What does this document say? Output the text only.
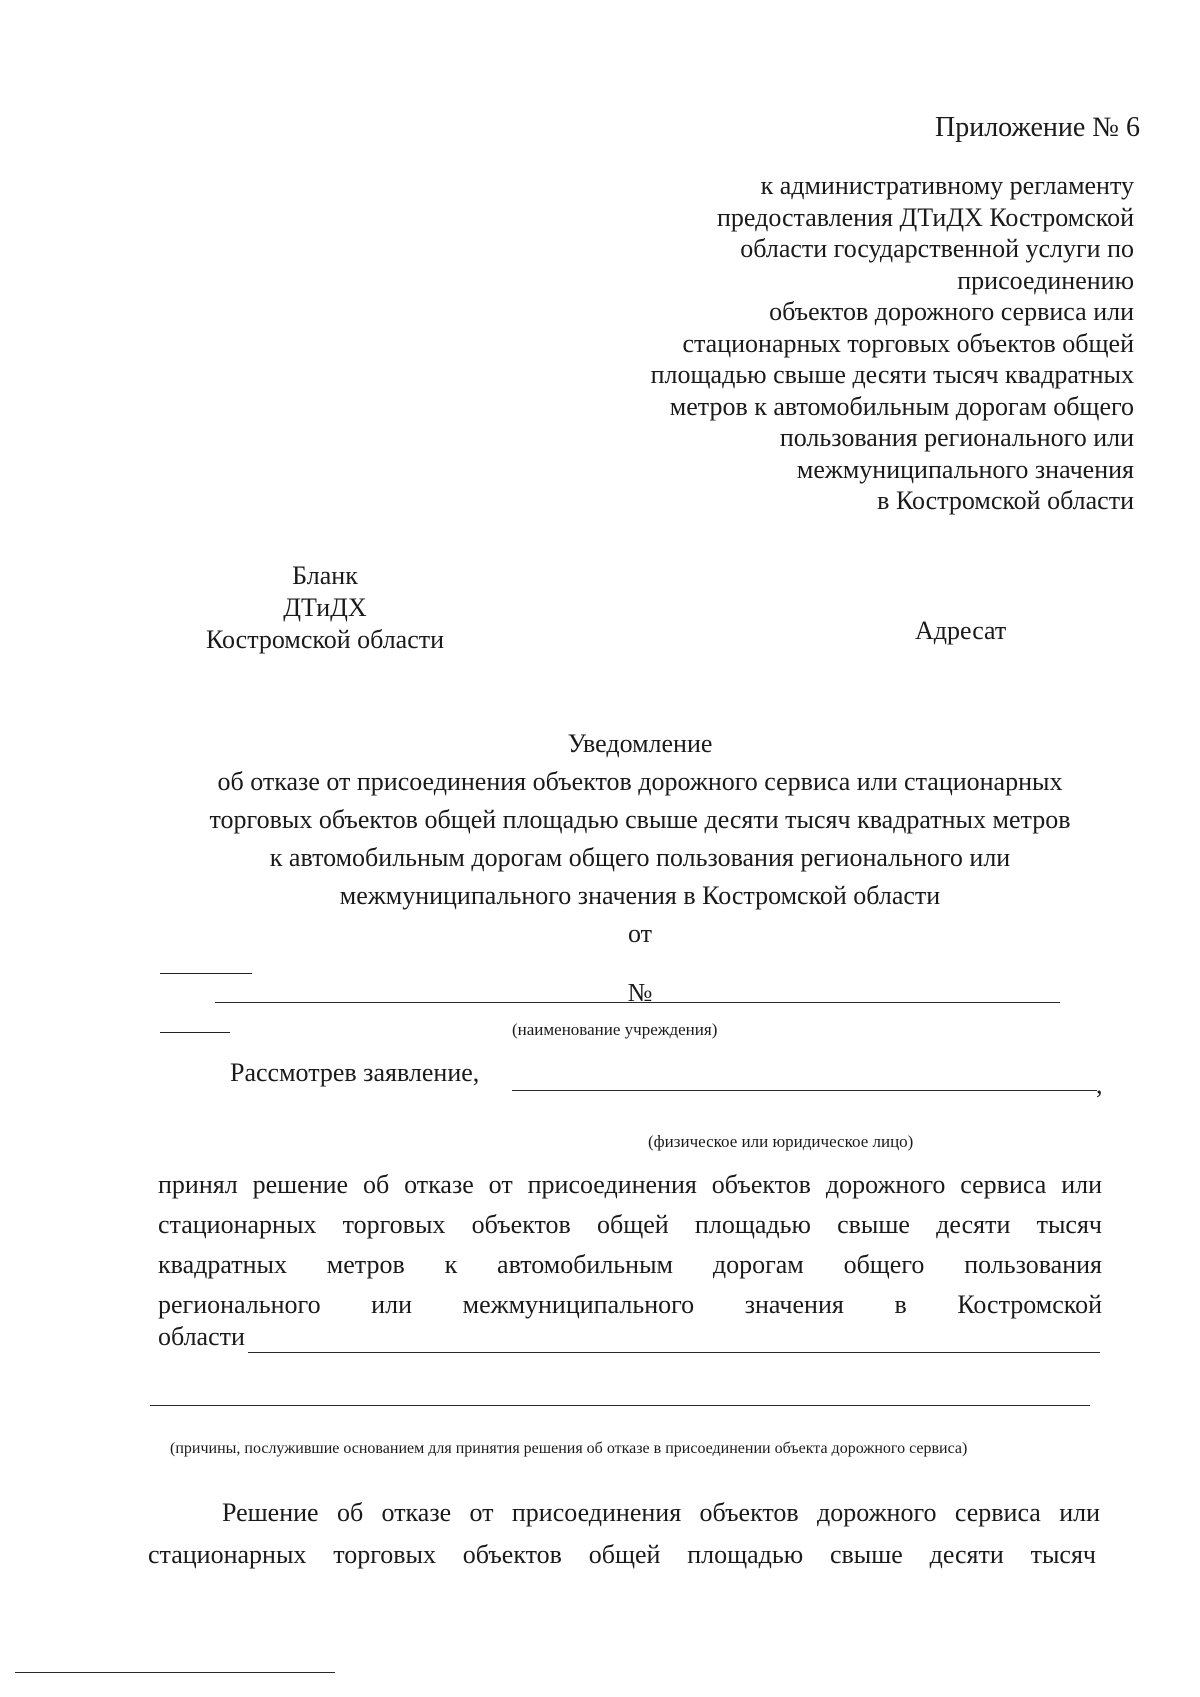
Приложение № 6
к административному регламенту
предоставления ДТиДХ Костромской
области государственной услуги по
присоединению
объектов дорожного сервиса или
стационарных торговых объектов общей
площадью свыше десяти тысяч квадратных
метров к автомобильным дорогам общего
пользования регионального или
межмуниципального значения
в Костромской области
Бланк
ДТиДХ
Костромской области	Адресат
Уведомление
об отказе от присоединения объектов дорожного сервиса или стационарных
торговых объектов общей площадью свыше десяти тысяч квадратных метров
к автомобильным дорогам общего пользования регионального или
межмуниципального значения в Костромской области
от
№
(наименование учреждения)
Рассмотрев заявление,	,
(физическое или юридическое лицо)
принял решение об отказе от присоединения объектов дорожного сервиса или
стационарных торговых объектов общей площадью свыше десяти тысяч
квадратных метров к автомобильным дорогам общего пользования
регионального или межмуниципального значения в Костромской
области
(причины, послужившие основанием для принятия решения об отказе в присоединении объекта дорожного сервиса)
Решение об отказе от присоединения объектов дорожного сервиса или
стационарных торговых объектов общей площадью свыше десяти тысяч
